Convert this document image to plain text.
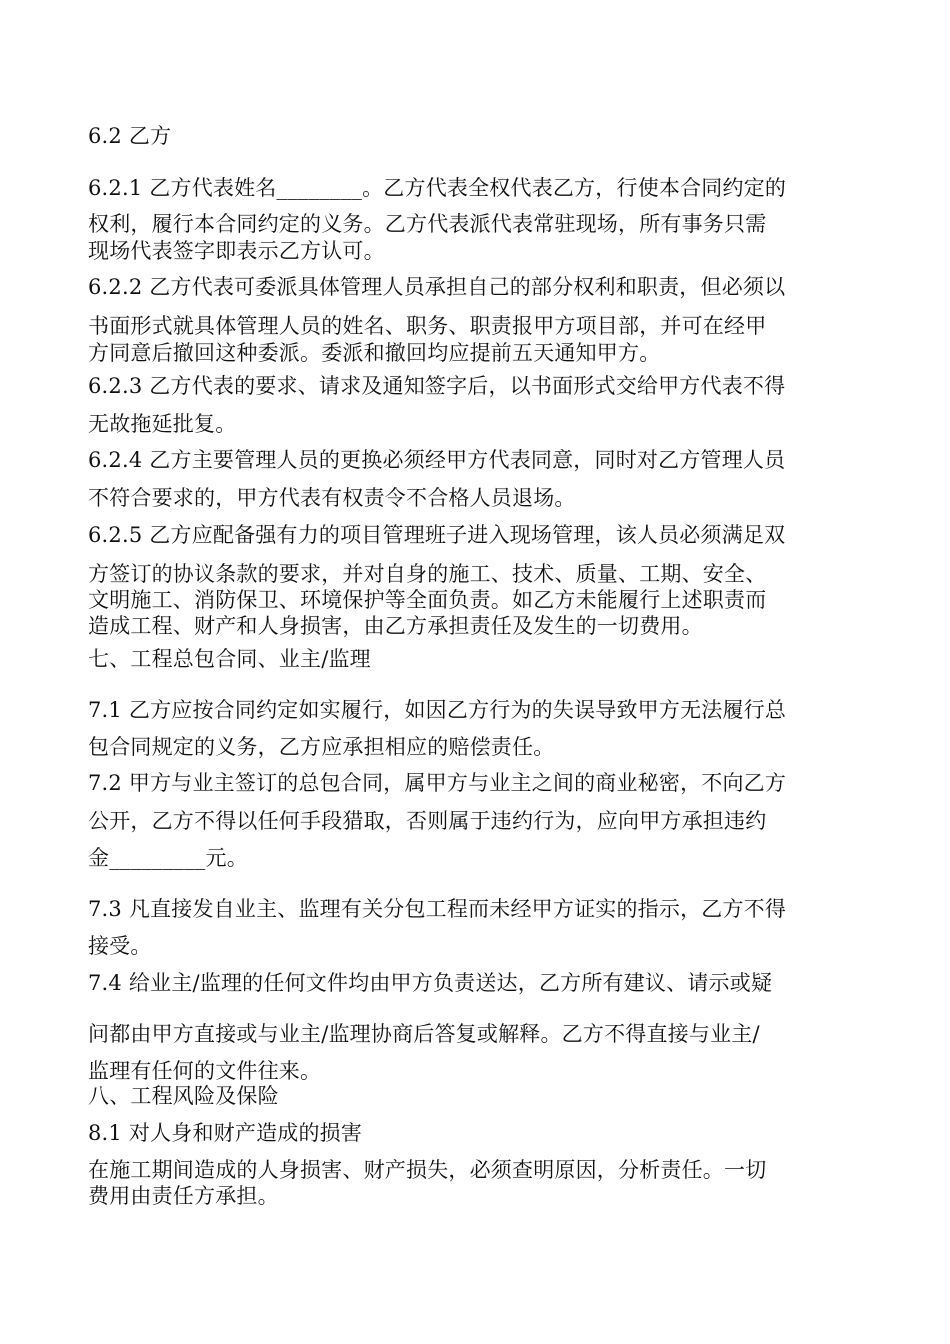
6.2 乙方
6.2.1 乙方代表姓名________。乙方代表全权代表乙方，行使本合同约定的
权利，履行本合同约定的义务。乙方代表派代表常驻现场，所有事务只需
现场代表签字即表示乙方认可。
6.2.2 乙方代表可委派具体管理人员承担自己的部分权利和职责，但必须以
书面形式就具体管理人员的姓名、职务、职责报甲方项目部，并可在经甲
方同意后撤回这种委派。委派和撤回均应提前五天通知甲方。
6.2.3 乙方代表的要求、请求及通知签字后，以书面形式交给甲方代表不得
无故拖延批复。
6.2.4 乙方主要管理人员的更换必须经甲方代表同意，同时对乙方管理人员
不符合要求的，甲方代表有权责令不合格人员退场。
6.2.5 乙方应配备强有力的项目管理班子进入现场管理，该人员必须满足双
方签订的协议条款的要求，并对自身的施工、技术、质量、工期、安全、
文明施工、消防保卫、环境保护等全面负责。如乙方未能履行上述职责而
造成工程、财产和人身损害，由乙方承担责任及发生的一切费用。
七、工程总包合同、业主/监理
7.1 乙方应按合同约定如实履行，如因乙方行为的失误导致甲方无法履行总
包合同规定的义务，乙方应承担相应的赔偿责任。
7.2 甲方与业主签订的总包合同，属甲方与业主之间的商业秘密，不向乙方
公开，乙方不得以任何手段猎取，否则属于违约行为，应向甲方承担违约
金_________元。
7.3 凡直接发自业主、监理有关分包工程而未经甲方证实的指示，乙方不得
接受。
7.4 给业主/监理的任何文件均由甲方负责送达，乙方所有建议、请示或疑
问都由甲方直接或与业主/监理协商后答复或解释。乙方不得直接与业主/
监理有任何的文件往来。
八、工程风险及保险
8.1 对人身和财产造成的损害
在施工期间造成的人身损害、财产损失，必须查明原因，分析责任。一切
费用由责任方承担。
